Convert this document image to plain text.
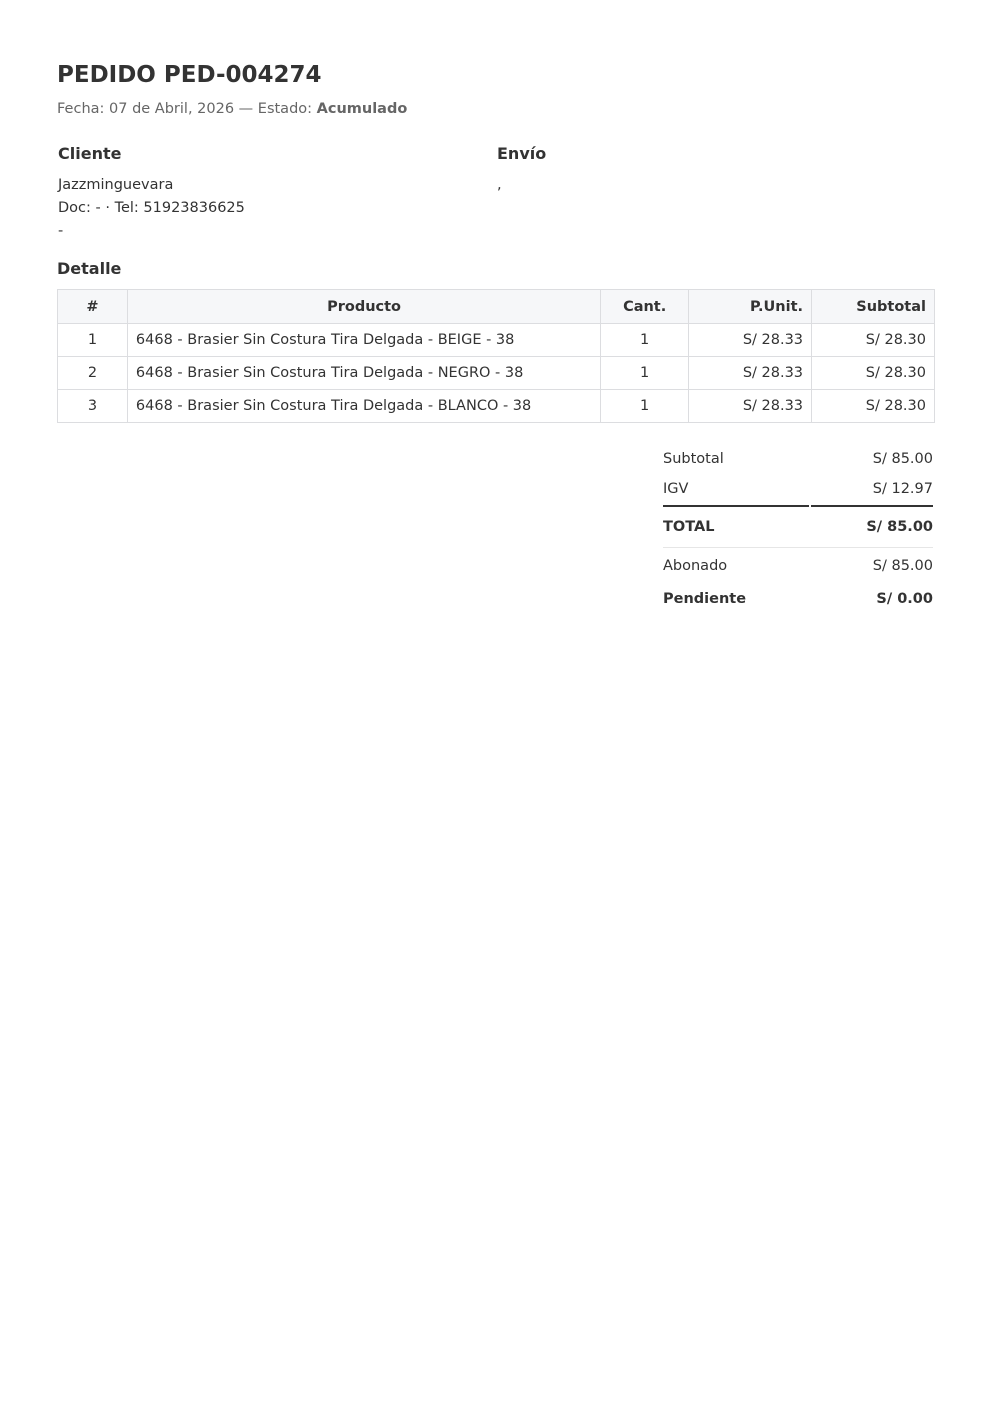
PEDIDO PED-004274
Fecha: 07 de Abril, 2026 — Estado: Acumulado
Cliente
Jazzminguevara
Doc: - · Tel: 51923836625
-
Envío
,
Detalle
#	Producto	Cant.	P.Unit.	Subtotal
1	6468 - Brasier Sin Costura Tira Delgada - BEIGE - 38	1	S/ 28.33	S/ 28.30
2	6468 - Brasier Sin Costura Tira Delgada - NEGRO - 38	1	S/ 28.33	S/ 28.30
3	6468 - Brasier Sin Costura Tira Delgada - BLANCO - 38	1	S/ 28.33	S/ 28.30
Subtotal	S/ 85.00
IGV	S/ 12.97
TOTAL	S/ 85.00
Abonado	S/ 85.00
Pendiente	S/ 0.00
